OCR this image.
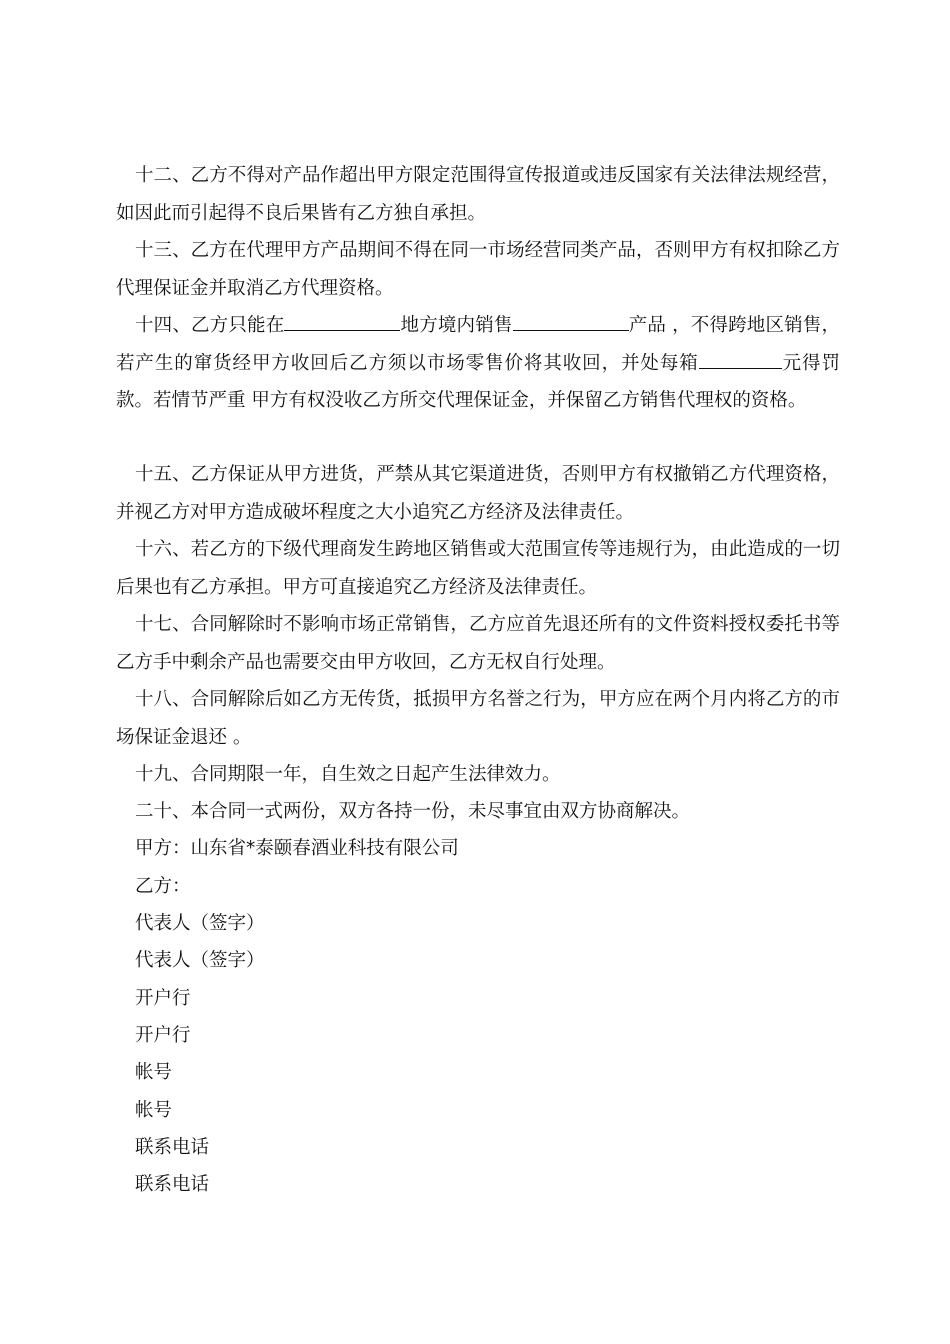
十二、乙方不得对产品作超出甲方限定范围得宣传报道或违反国家有关法律法规经营，如因此而引起得不良后果皆有乙方独自承担。

十三、乙方在代理甲方产品期间不得在同一市场经营同类产品，否则甲方有权扣除乙方代理保证金并取消乙方代理资格。

十四、乙方只能在	地方境内销售	产品 ，不得跨地区销售，若产生的窜货经甲方收回后乙方须以市场零售价将其收回，并处每箱	元得罚款。若情节严重 甲方有权没收乙方所交代理保证金，并保留乙方销售代理权的资格。

十五、乙方保证从甲方进货，严禁从其它渠道进货，否则甲方有权撤销乙方代理资格，并视乙方对甲方造成破坏程度之大小追究乙方经济及法律责任。

十六、若乙方的下级代理商发生跨地区销售或大范围宣传等违规行为，由此造成的一切后果也有乙方承担。甲方可直接追究乙方经济及法律责任。

十七、合同解除时不影响市场正常销售，乙方应首先退还所有的文件资料授权委托书等 乙方手中剩余产品也需要交由甲方收回，乙方无权自行处理。

十八、合同解除后如乙方无传货，抵损甲方名誉之行为，甲方应在两个月内将乙方的市场保证金退还 。

十九、合同期限一年，自生效之日起产生法律效力。

二十、本合同一式两份，双方各持一份，未尽事宜由双方协商解决。

甲方：山东省*泰颐春酒业科技有限公司

乙方：

代表人（签字）

代表人（签字）

开户行

开户行

帐号

帐号

联系电话

联系电话
